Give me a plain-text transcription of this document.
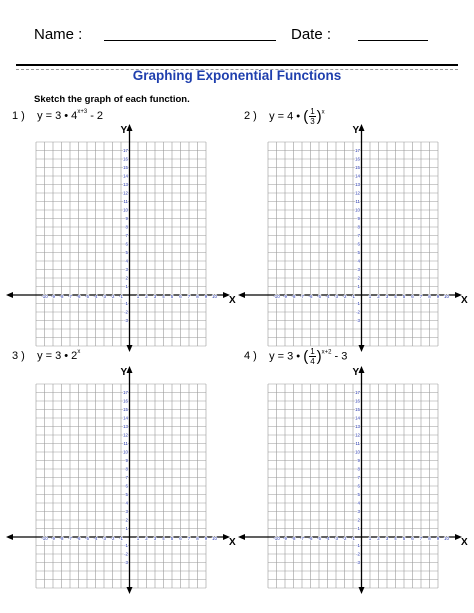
Name :	Date :
Graphing Exponential Functions
Sketch the graph of each function.
1 ) y = 3 • $4^{x+3} - 2$	2 ) y = 4 • ( $\frac{1}{3} )^x$
3 ) y = 3 • 2$^x$	4 ) y = 3 • ( $\frac{1}{4} )^{x+2} - 3$
X
Y
-10 -9 -8 -7 -6 -5 -4 -3 -2 -1	1 2 3 4 5 6 7 8 9 10
17
16
15
14
13
12
11
10
9
8
7
6
5
4
3
2
1
-1
-2
-3
X
Y
-10 -9 -8 -7 -6 -5 -4 -3 -2 -1	1 2 3 4 5 6 7 8 9 10
17
16
15
14
13
12
11
10
9
8
7
6
5
4
3
2
1
-1
-2
-3
X
Y
-10 -9 -8 -7 -6 -5 -4 -3 -2 -1	1 2 3 4 5 6 7 8 9 10
17
16
15
14
13
12
11
10
9
8
7
6
5
4
3
2
1
-1
-2
-3
X
Y
-10 -9 -8 -7 -6 -5 -4 -3 -2 -1	1 2 3 4 5 6 7 8 9 10
17
16
15
14
13
12
11
10
9
8
7
6
5
4
3
2
1
-1
-2
-3
